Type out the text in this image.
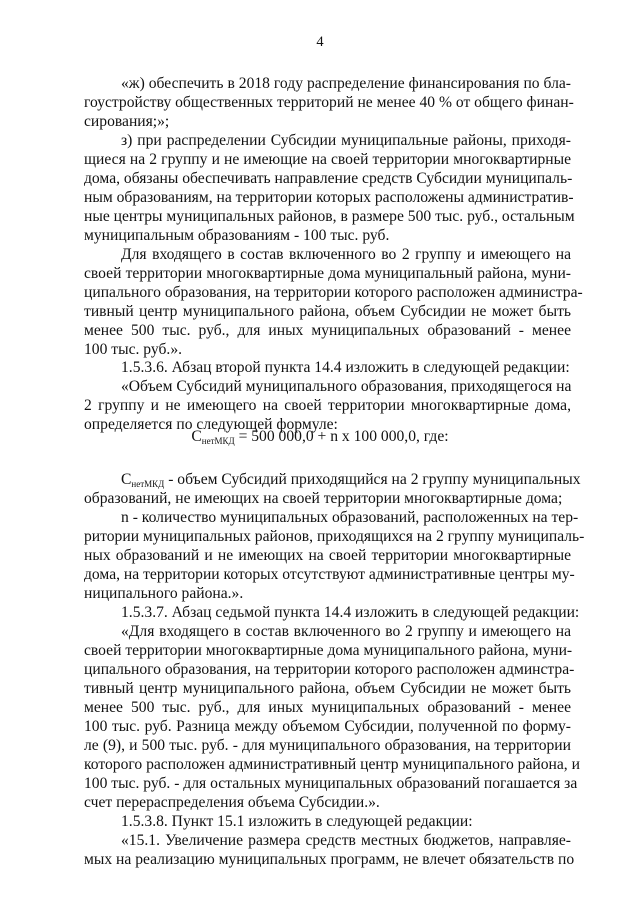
4
«ж) обеспечить в 2018 году распределение финансирования по бла-
гоустройству общественных территорий не менее 40 % от общего финан-
сирования;»;
з) при распределении Субсидии муниципальные районы, приходя-
щиеся на 2 группу и не имеющие на своей территории многоквартирные
дома, обязаны обеспечивать направление средств Субсидии муниципаль-
ным образованиям, на территории которых расположены административ-
ные центры муниципальных районов, в размере 500 тыс. руб., остальным
муниципальным образованиям - 100 тыс. руб.
Для входящего в состав включенного во 2 группу и имеющего на
своей территории многоквартирные дома муниципальный района, муни-
ципального образования, на территории которого расположен администра-
тивный центр муниципального района, объем Субсидии не может быть
менее 500 тыс. руб., для иных муниципальных образований - менее
100 тыс. руб.».
1.5.3.6. Абзац второй пункта 14.4 изложить в следующей редакции:
«Объем Субсидий муниципального образования, приходящегося на
2 группу и не имеющего на своей территории многоквартирные дома,
определяется по следующей формуле:
$С_{нетМКД} = 500$ 000,0 + n x 100 000,0, где:
$С_{нетМКД}$ - объем Субсидий приходящийся на 2 группу муниципальных
образований, не имеющих на своей территории многоквартирные дома;
n - количество муниципальных образований, расположенных на тер-
ритории муниципальных районов, приходящихся на 2 группу муниципаль-
ных образований и не имеющих на своей территории многоквартирные
дома, на территории которых отсутствуют административные центры му-
ниципального района.».
1.5.3.7. Абзац седьмой пункта 14.4 изложить в следующей редакции:
«Для входящего в состав включенного во 2 группу и имеющего на
своей территории многоквартирные дома муниципального района, муни-
ципального образования, на территории которого расположен админстра-
тивный центр муниципального района, объем Субсидии не может быть
менее 500 тыс. руб., для иных муниципальных образований - менее
100 тыс. руб. Разница между объемом Субсидии, полученной по форму-
ле (9), и 500 тыс. руб. - для муниципального образования, на территории
которого расположен административный центр муниципального района, и
100 тыс. руб. - для остальных муниципальных образований погашается за
счет перераспределения объема Субсидии.».
1.5.3.8. Пункт 15.1 изложить в следующей редакции:
«15.1. Увеличение размера средств местных бюджетов, направляе-
мых на реализацию муниципальных программ, не влечет обязательств по
